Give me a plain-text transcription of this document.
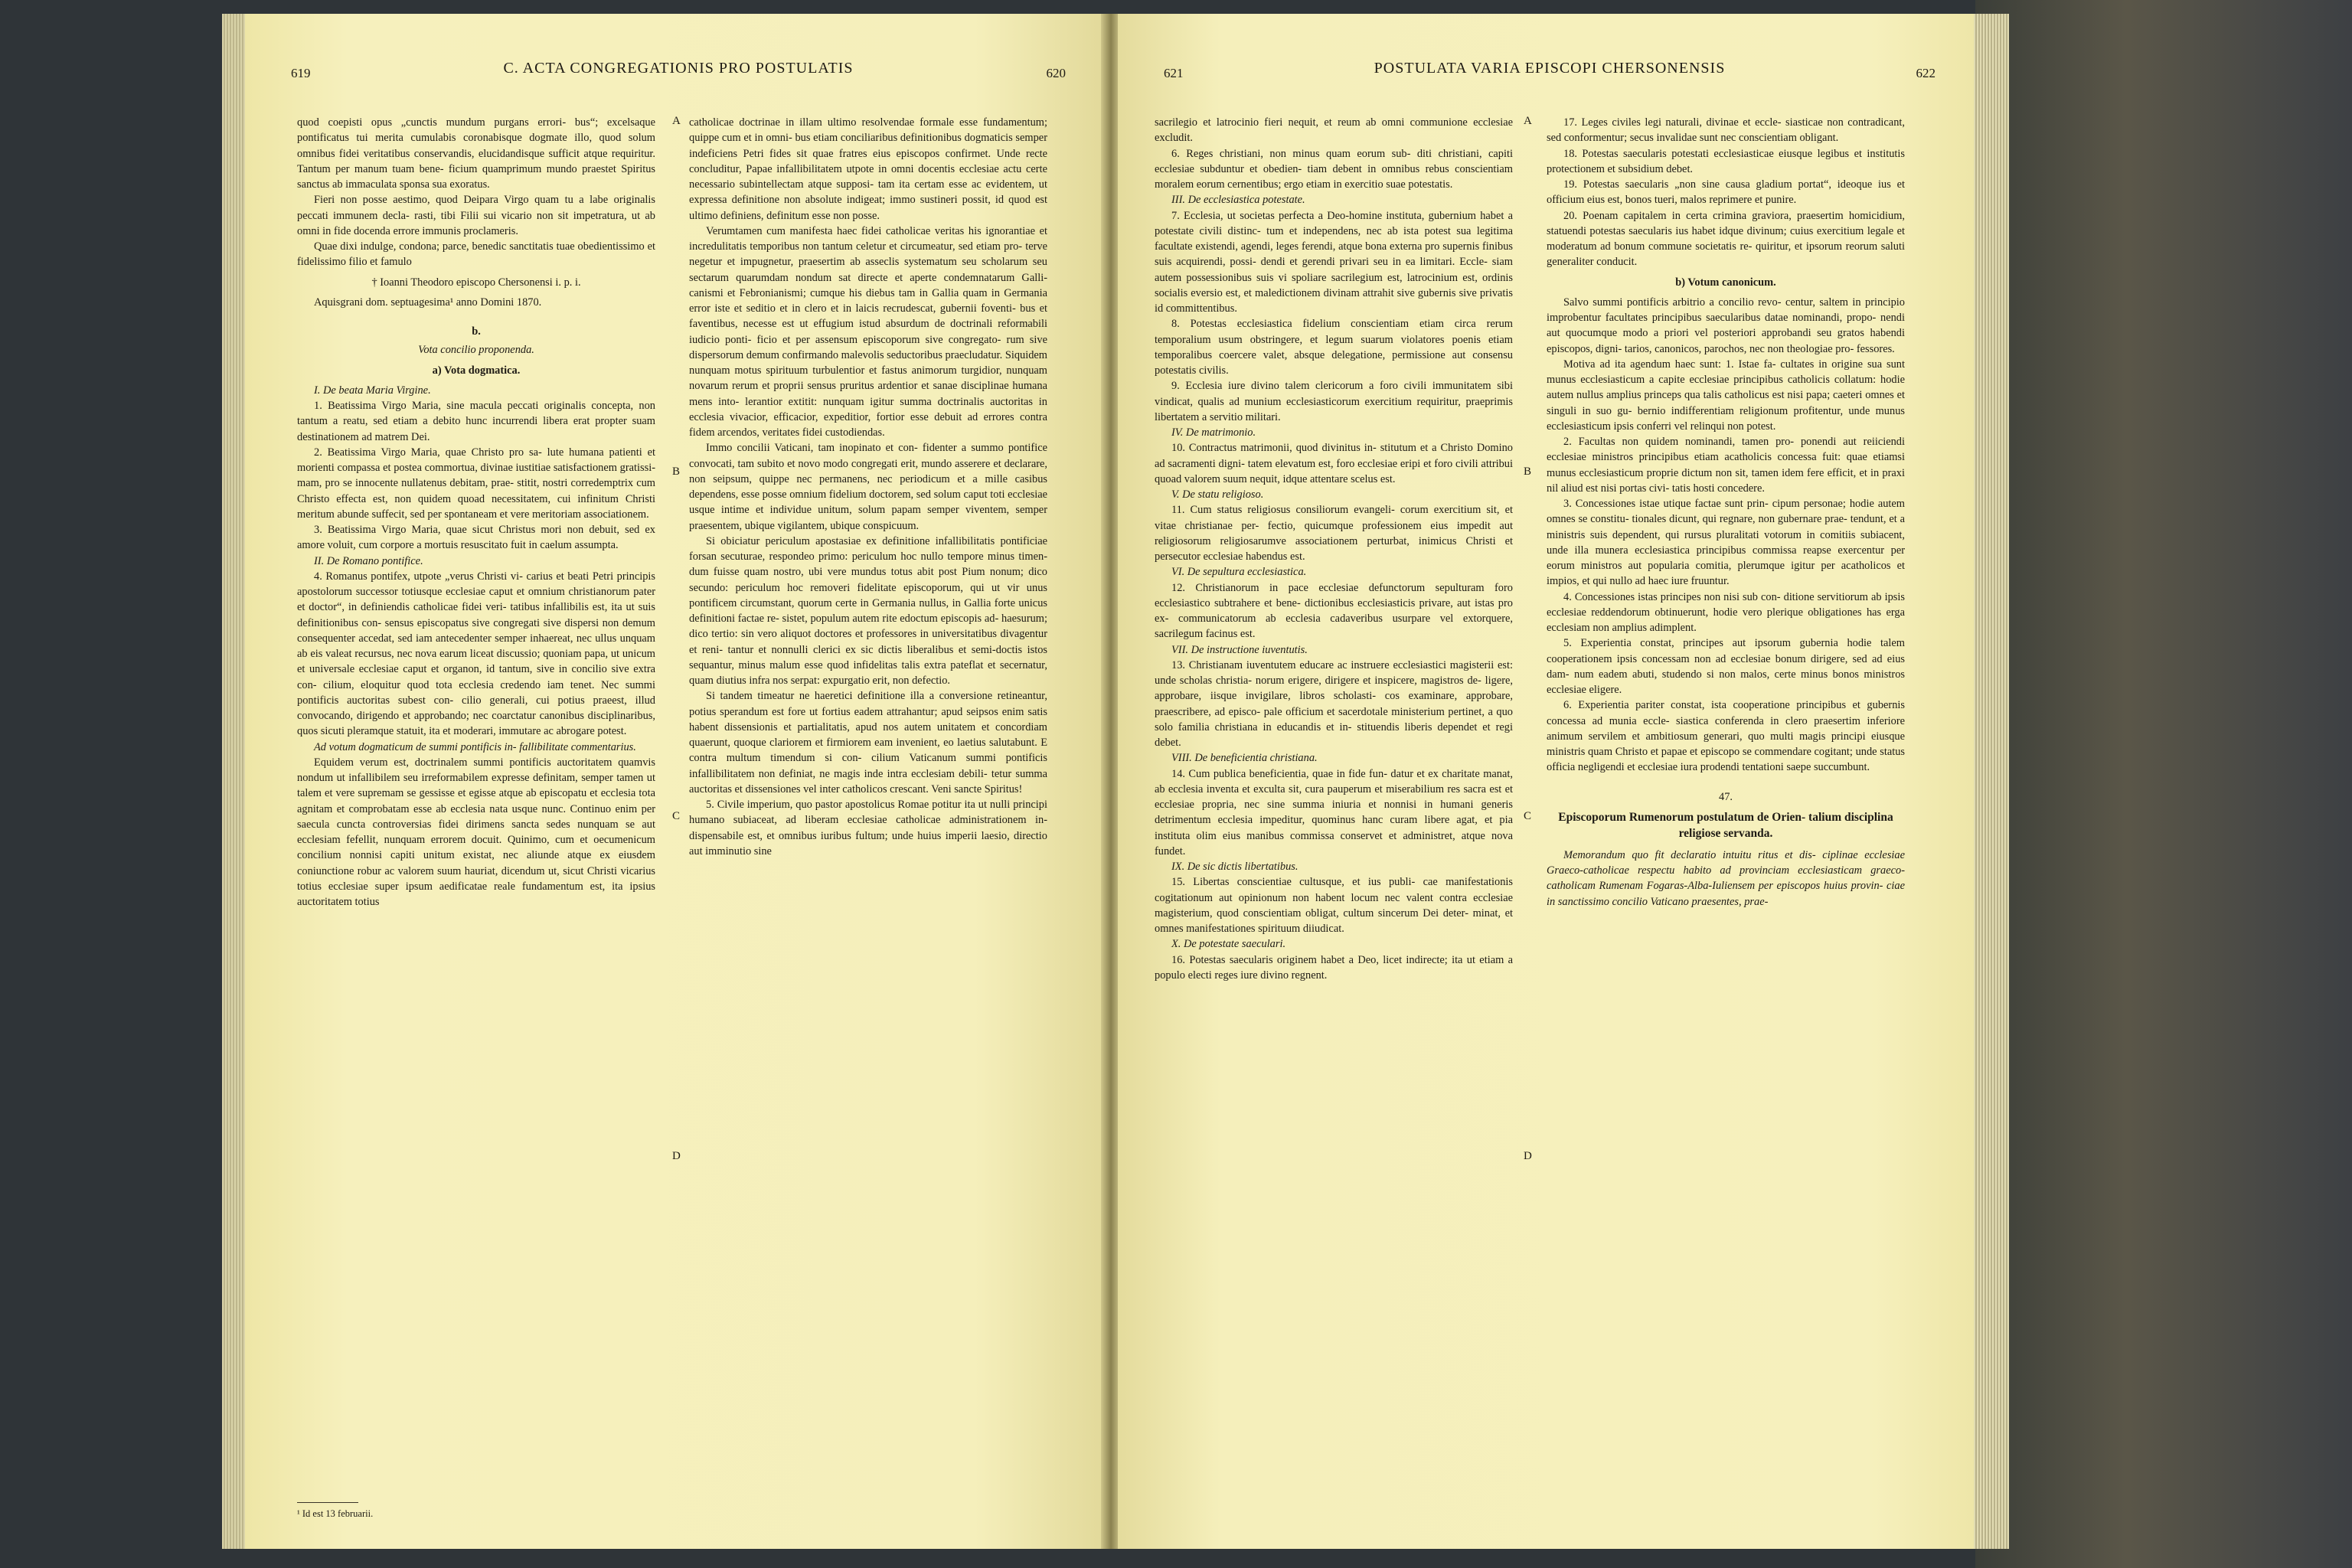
619	C. ACTA CONGREGATIONIS PRO POSTULATIS	620

quod coepisti opus „cunctis mundum purgans errori- bus“; excelsaque pontificatus tui merita cumulabis coronabisque dogmate illo, quod solum omnibus fidei veritatibus conservandis, elucidandisque sufficit atque requiritur. Tantum per manum tuam bene- ficium quamprimum mundo praestet Spiritus sanctus ab immaculata sponsa sua exoratus.

Fieri non posse aestimo, quod Deipara Virgo quam tu a labe originalis peccati immunem decla- rasti, tibi Filii sui vicario non sit impetratura, ut ab omni in fide docenda errore immunis proclameris.

Quae dixi indulge, condona; parce, benedic sanctitatis tuae obedientissimo et fidelissimo filio et famulo

† Ioanni Theodoro episcopo Chersonensi i. p. i.

Aquisgrani dom. septuagesima¹ anno Domini 1870.

b.

Vota concilio proponenda.

a) Vota dogmatica.

I. De beata Maria Virgine.

1. Beatissima Virgo Maria, sine macula peccati originalis concepta, non tantum a reatu, sed etiam a debito hunc incurrendi libera erat propter suam destinationem ad matrem Dei.

2. Beatissima Virgo Maria, quae Christo pro sa- lute humana patienti et morienti compassa et postea commortua, divinae iustitiae satisfactionem gratissi- mam, pro se innocente nullatenus debitam, prae- stitit, nostri corredemptrix cum Christo effecta est, non quidem quoad necessitatem, cui infinitum Christi meritum abunde suffecit, sed per spontaneam et vere meritoriam associationem.

3. Beatissima Virgo Maria, quae sicut Christus mori non debuit, sed ex amore voluit, cum corpore a mortuis resuscitato fuit in caelum assumpta.

II. De Romano pontifice.

4. Romanus pontifex, utpote „verus Christi vi- carius et beati Petri principis apostolorum successor totiusque ecclesiae caput et omnium christianorum pater et doctor“, in definiendis catholicae fidei veri- tatibus infallibilis est, ita ut suis definitionibus con- sensus episcopatus sive congregati sive dispersi non demum consequenter accedat, sed iam antecedenter semper inhaereat, nec ullus unquam ab eis valeat recursus, nec nova earum liceat discussio; quoniam papa, ut unicum et universale ecclesiae caput et organon, id tantum, sive in concilio sive extra con- cilium, eloquitur quod tota ecclesia credendo iam tenet. Nec summi pontificis auctoritas subest con- cilio generali, cui potius praeest, illud convocando, dirigendo et approbando; nec coarctatur canonibus disciplinaribus, quos sicuti pleramque statuit, ita et moderari, immutare ac abrogare potest.

Ad votum dogmaticum de summi pontificis in- fallibilitate commentarius.

Equidem verum est, doctrinalem summi pontificis auctoritatem quamvis nondum ut infallibilem seu irreformabilem expresse definitam, semper tamen ut talem et vere supremam se gessisse et egisse atque ab episcopatu et ecclesia tota agnitam et comprobatam esse ab ecclesia nata usque nunc. Continuo enim per saecula cuncta controversias fidei dirimens sancta sedes nunquam se aut ecclesiam fefellit, nunquam errorem docuit. Quinimo, cum et oecumenicum concilium nonnisi capiti unitum existat, nec aliunde atque ex eiusdem coniunctione robur ac valorem suum hauriat, dicendum ut, sicut Christi vicarius totius ecclesiae super ipsum aedificatae reale fundamentum est, ita ipsius auctoritatem totius

catholicae doctrinae in illam ultimo resolvendae formale esse fundamentum; quippe cum et in omni- bus etiam conciliaribus definitionibus dogmaticis semper indeficiens Petri fides sit quae fratres eius episcopos confirmet. Unde recte concluditur, Papae infallibilitatem utpote in omni docentis ecclesiae actu certe necessario subintellectam atque supposi- tam ita certam esse ac evidentem, ut expressa definitione non absolute indigeat; immo sustineri possit, id quod est ultimo definiens, definitum esse non posse.

Verumtamen cum manifesta haec fidei catholicae veritas his ignorantiae et incredulitatis temporibus non tantum celetur et circumeatur, sed etiam pro- terve negetur et impugnetur, praesertim ab asseclis systematum seu scholarum seu sectarum quarumdam nondum sat directe et aperte condemnatarum Galli- canismi et Febronianismi; cumque his diebus tam in Gallia quam in Germania error iste et seditio et in clero et in laicis recrudescat, gubernii foventi- bus et faventibus, necesse est ut effugium istud absurdum de doctrinali reformabili iudicio ponti- ficio et per assensum episcoporum sive congregato- rum sive dispersorum demum confirmando malevolis seductoribus praecludatur. Siquidem nunquam motus spirituum turbulentior et fastus animorum turgidior, nunquam novarum rerum et proprii sensus pruritus ardentior et sanae disciplinae humana mens into- lerantior extitit: nunquam igitur summa doctrinalis auctoritas in ecclesia vivacior, efficacior, expeditior, fortior esse debuit ad errores contra fidem arcendos, veritates fidei custodiendas.

Immo concilii Vaticani, tam inopinato et con- fidenter a summo pontifice convocati, tam subito et novo modo congregati erit, mundo asserere et declarare, non seipsum, quippe nec permanens, nec periodicum et a mille casibus dependens, esse posse omnium fidelium doctorem, sed solum caput toti ecclesiae usque intime et individue unitum, solum papam semper viventem, semper praesentem, ubique vigilantem, ubique conspicuum.

Si obiciatur periculum apostasiae ex definitione infallibilitatis pontificiae forsan secuturae, respondeo primo: periculum hoc nullo tempore minus timen- dum fuisse quam nostro, ubi vere mundus totus abit post Pium nonum; dico secundo: periculum hoc removeri fidelitate episcoporum, qui ut vir unus pontificem circumstant, quorum certe in Germania nullus, in Gallia forte unicus definitioni factae re- sistet, populum autem rite edoctum episcopis ad- haesurum; dico tertio: sin vero aliquot doctores et professores in universitatibus divagentur et reni- tantur et nonnulli clerici ex sic dictis liberalibus et semi-doctis istos sequantur, minus malum esse quod infidelitas talis extra pateflat et secernatur, quam diutius infra nos serpat: expurgatio erit, non defectio.

Si tandem timeatur ne haeretici definitione illa a conversione retineantur, potius sperandum est fore ut fortius eadem attrahantur; apud seipsos enim satis habent dissensionis et partialitatis, apud nos autem unitatem et concordiam quaerunt, quoque clariorem et firmiorem eam invenient, eo laetius salutabunt. E contra multum timendum si con- cilium Vaticanum summi pontificis infallibilitatem non definiat, ne magis inde intra ecclesiam debili- tetur summa auctoritas et dissensiones vel inter catholicos crescant. Veni sancte Spiritus!

5. Civile imperium, quo pastor apostolicus Romae potitur ita ut nulli principi humano subiaceat, ad liberam ecclesiae catholicae administrationem in- dispensabile est, et omnibus iuribus fultum; unde huius imperii laesio, directio aut imminutio sine

A
B
C
D
¹ Id est 13 februarii.
621	POSTULATA VARIA EPISCOPI CHERSONENSIS	622

sacrilegio et latrocinio fieri nequit, et reum ab omni communione ecclesiae excludit.

6. Reges christiani, non minus quam eorum sub- diti christiani, capiti ecclesiae subduntur et obedien- tiam debent in omnibus rebus conscientiam moralem eorum cernentibus; ergo etiam in exercitio suae potestatis.

III. De ecclesiastica potestate.

7. Ecclesia, ut societas perfecta a Deo-homine instituta, gubernium habet a potestate civili distinc- tum et independens, nec ab ista potest sua legitima facultate existendi, agendi, leges ferendi, atque bona externa pro supernis finibus suis acquirendi, possi- dendi et gerendi privari seu in ea limitari. Eccle- siam autem possessionibus suis vi spoliare sacrilegium est, latrocinium est, ordinis socialis eversio est, et maledictionem divinam attrahit sive gubernis sive privatis id committentibus.

8. Potestas ecclesiastica fidelium conscientiam etiam circa rerum temporalium usum obstringere, et legum suarum violatores poenis etiam temporalibus coercere valet, absque delegatione, permissione aut consensu potestatis civilis.

9. Ecclesia iure divino talem clericorum a foro civili immunitatem sibi vindicat, qualis ad munium ecclesiasticorum exercitium requiritur, praeprimis libertatem a servitio militari.

IV. De matrimonio.

10. Contractus matrimonii, quod divinitus in- stitutum et a Christo Domino ad sacramenti digni- tatem elevatum est, foro ecclesiae eripi et foro civili attribui quoad valorem suum nequit, idque attentare scelus est.

V. De statu religioso.

11. Cum status religiosus consiliorum evangeli- corum exercitium sit, et vitae christianae per- fectio, quicumque professionem eius impedit aut religiosorum religiosarumve associationem perturbat, inimicus Christi et persecutor ecclesiae habendus est.

VI. De sepultura ecclesiastica.

12. Christianorum in pace ecclesiae defunctorum sepulturam foro ecclesiastico subtrahere et bene- dictionibus ecclesiasticis privare, aut istas pro ex- communicatorum ab ecclesia cadaveribus usurpare vel extorquere, sacrilegum facinus est.

VII. De instructione iuventutis.

13. Christianam iuventutem educare ac instruere ecclesiastici magisterii est: unde scholas christia- norum erigere, dirigere et inspicere, magistros de- ligere, approbare, iisque invigilare, libros scholasti- cos examinare, approbare, praescribere, ad episco- pale officium et sacerdotale ministerium pertinet, a quo solo familia christiana in educandis et in- stituendis liberis dependet et regi debet.

VIII. De beneficientia christiana.

14. Cum publica beneficientia, quae in fide fun- datur et ex charitate manat, ab ecclesia inventa et exculta sit, cura pauperum et miserabilium res sacra est et ecclesiae propria, nec sine summa iniuria et nonnisi in humani generis detrimentum ecclesia impeditur, quominus hanc curam libere agat, et pia instituta olim eius manibus commissa conservet et administret, atque nova fundet.

IX. De sic dictis libertatibus.

15. Libertas conscientiae cultusque, et ius publi- cae manifestationis cogitationum aut opinionum non habent locum nec valent contra ecclesiae magisterium, quod conscientiam obligat, cultum sincerum Dei deter- minat, et omnes manifestationes spirituum diiudicat.

X. De potestate saeculari.

16. Potestas saecularis originem habet a Deo, licet indirecte; ita ut etiam a populo electi reges iure divino regnent.

17. Leges civiles legi naturali, divinae et eccle- siasticae non contradicant, sed conformentur; secus invalidae sunt nec conscientiam obligant.

18. Potestas saecularis potestati ecclesiasticae eiusque legibus et institutis protectionem et subsidium debet.

19. Potestas saecularis „non sine causa gladium portat“, ideoque ius et officium eius est, bonos tueri, malos reprimere et punire.

20. Poenam capitalem in certa crimina graviora, praesertim homicidium, statuendi potestas saecularis ius habet idque divinum; cuius exercitium legale et moderatum ad bonum commune societatis re- quiritur, et ipsorum reorum saluti generaliter conducit.

b) Votum canonicum.

Salvo summi pontificis arbitrio a concilio revo- centur, saltem in principio improbentur facultates principibus saecularibus datae nominandi, propo- nendi aut quocumque modo a priori vel posteriori approbandi seu gratos habendi episcopos, digni- tarios, canonicos, parochos, nec non theologiae pro- fessores.

Motiva ad ita agendum haec sunt: 1. Istae fa- cultates in origine sua sunt munus ecclesiasticum a capite ecclesiae principibus catholicis collatum: hodie autem nullus amplius princeps qua talis catholicus est nisi papa; caeteri omnes et singuli in suo gu- bernio indifferentiam religionum profitentur, unde munus ecclesiasticum ipsis conferri vel relinqui non potest.

2. Facultas non quidem nominandi, tamen pro- ponendi aut reiiciendi ecclesiae ministros principibus etiam acatholicis concessa fuit: quae etiamsi munus ecclesiasticum proprie dictum non sit, tamen idem fere efficit, et in praxi nil aliud est nisi portas civi- tatis hosti concedere.

3. Concessiones istae utique factae sunt prin- cipum personae; hodie autem omnes se constitu- tionales dicunt, qui regnare, non gubernare prae- tendunt, et a ministris suis dependent, qui rursus pluralitati votorum in comitiis subiacent, unde illa munera ecclesiastica principibus commissa reapse exercentur per eorum ministros aut popularia comitia, plerumque igitur per acatholicos et impios, et qui nullo ad haec iure fruuntur.

4. Concessiones istas principes non nisi sub con- ditione servitiorum ab ipsis ecclesiae reddendorum obtinuerunt, hodie vero plerique obligationes has erga ecclesiam non amplius adimplent.

5. Experientia constat, principes aut ipsorum gubernia hodie talem cooperationem ipsis concessam non ad ecclesiae bonum dirigere, sed ad eius dam- num eadem abuti, studendo si non malos, certe minus bonos ministros ecclesiae eligere.

6. Experientia pariter constat, ista cooperatione principibus et gubernis concessa ad munia eccle- siastica conferenda in clero praesertim inferiore animum servilem et ambitiosum generari, quo multi magis principi eiusque ministris quam Christo et papae et episcopo se commendare cogitant; unde status officia negligendi et ecclesiae iura prodendi tentationi saepe succumbunt.

47.

Episcoporum Rumenorum postulatum de Orien- talium disciplina religiose servanda.

Memorandum quo fit declaratio intuitu ritus et dis- ciplinae ecclesiae Graeco-catholicae respectu habito ad provinciam ecclesiasticam graeco-catholicam Rumenam Fogaras-Alba-Iuliensem per episcopos huius provin- ciae in sanctissimo concilio Vaticano praesentes, prae-

A
B
C
D
